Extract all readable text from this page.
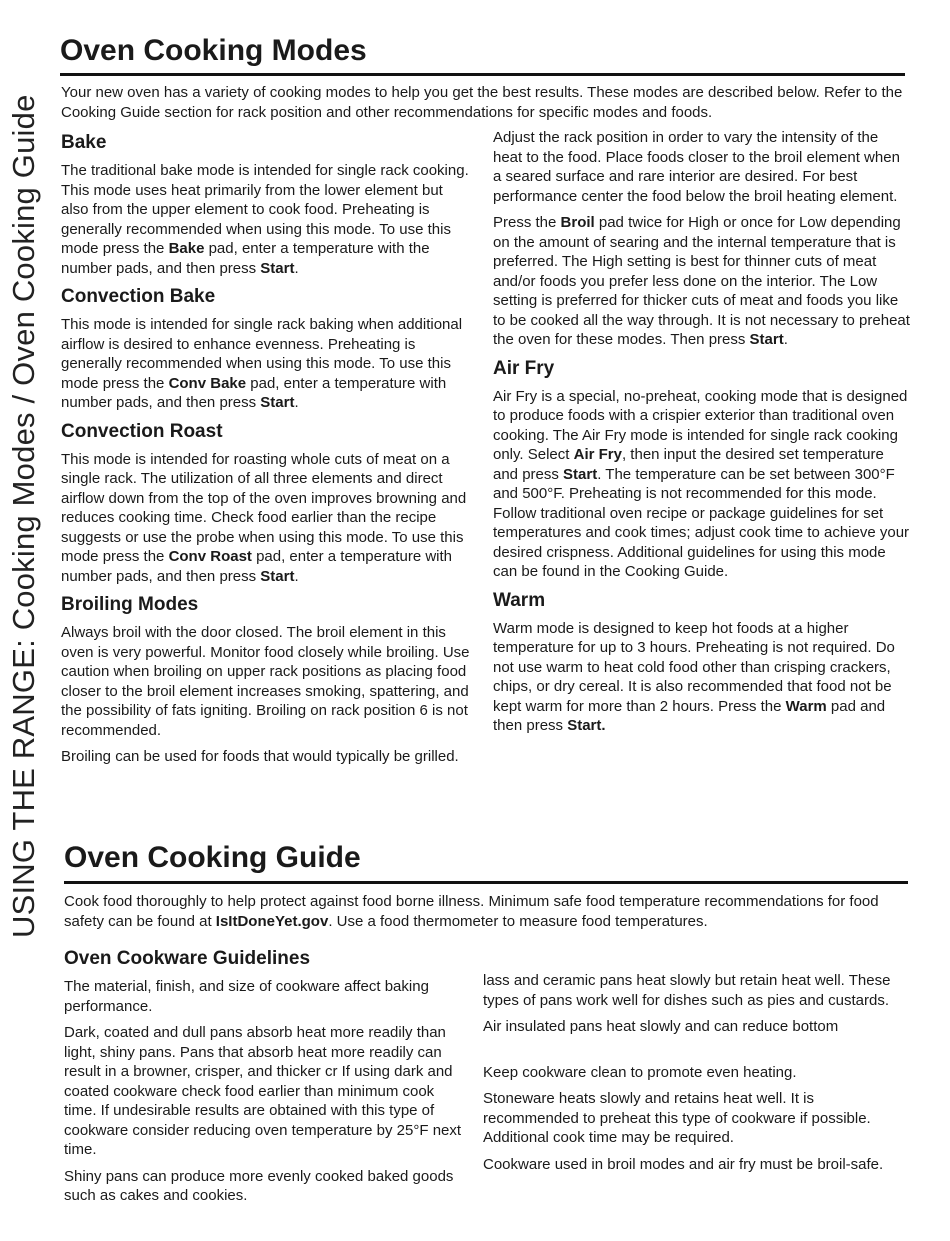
USING THE RANGE: Cooking Modes / Oven Cooking Guide
Oven Cooking Modes

Your new oven has a variety of cooking modes to help you get the best results. These modes are described below. Refer to the Cooking Guide section for rack position and other recommendations for specific modes and foods.

Bake

The traditional bake mode is intended for single rack cooking. This mode uses heat primarily from the lower element but also from the upper element to cook food. Preheating is generally recommended when using this mode. To use this mode press the Bake pad, enter a temperature with the number pads, and then press Start.

Convection Bake

This mode is intended for single rack baking when additional airflow is desired to enhance evenness. Preheating is generally recommended when using this mode. To use this mode press the Conv Bake pad, enter a temperature with number pads, and then press Start.

Convection Roast

This mode is intended for roasting whole cuts of meat on a single rack. The utilization of all three elements and direct airflow down from the top of the oven improves browning and reduces cooking time. Check food earlier than the recipe suggests or use the probe when using this mode. To use this mode press the Conv Roast pad, enter a temperature with number pads, and then press Start.

Broiling Modes

Always broil with the door closed. The broil element in this oven is very powerful. Monitor food closely while broiling. Use caution when broiling on upper rack positions as placing food closer to the broil element increases smoking, spattering, and the possibility of fats igniting. Broiling on rack position 6 is not recommended.

Broiling can be used for foods that would typically be grilled.

Adjust the rack position in order to vary the intensity of the heat to the food. Place foods closer to the broil element when a seared surface and rare interior are desired. For best performance center the food below the broil heating element.

Press the Broil pad twice for High or once for Low depending on the amount of searing and the internal temperature that is preferred. The High setting is best for thinner cuts of meat and/or foods you prefer less done on the interior. The Low setting is preferred for thicker cuts of meat and foods you like to be cooked all the way through. It is not necessary to preheat the oven for these modes. Then press Start.

Air Fry

Air Fry is a special, no-preheat, cooking mode that is designed to produce foods with a crispier exterior than traditional oven cooking. The Air Fry mode is intended for single rack cooking only. Select Air Fry, then input the desired set temperature and press Start. The temperature can be set between 300°F and 500°F. Preheating is not recommended for this mode. Follow traditional oven recipe or package guidelines for set temperatures and cook times; adjust cook time to achieve your desired crispness. Additional guidelines for using this mode can be found in the Cooking Guide.

Warm

Warm mode is designed to keep hot foods at a higher temperature for up to 3 hours. Preheating is not required. Do not use warm to heat cold food other than crisping crackers, chips, or dry cereal. It is also recommended that food not be kept warm for more than 2 hours. Press the Warm pad and then press Start.

Oven Cooking Guide

Cook food thoroughly to help protect against food borne illness. Minimum safe food temperature recommendations for food safety can be found at IsItDoneYet.gov. Use a food thermometer to measure food temperatures.

Oven Cookware Guidelines

The material, finish, and size of cookware affect baking performance.

Dark, coated and dull pans absorb heat more readily than light, shiny pans. Pans that absorb heat more readily can result in a browner, crisper, and thicker cr If using dark and coated cookware check food earlier than minimum cook time. If undesirable results are obtained with this type of cookware consider reducing oven temperature by 25°F next time.

Shiny pans can produce more evenly cooked baked goods such as cakes and cookies.

lass and ceramic pans heat slowly but retain heat well. These types of pans work well for dishes such as pies and custards.

Air insulated pans heat slowly and can reduce bottom

Keep cookware clean to promote even heating.

Stoneware heats slowly and retains heat well. It is recommended to preheat this type of cookware if possible. Additional cook time may be required.

Cookware used in broil modes and air fry must be broil-safe.
